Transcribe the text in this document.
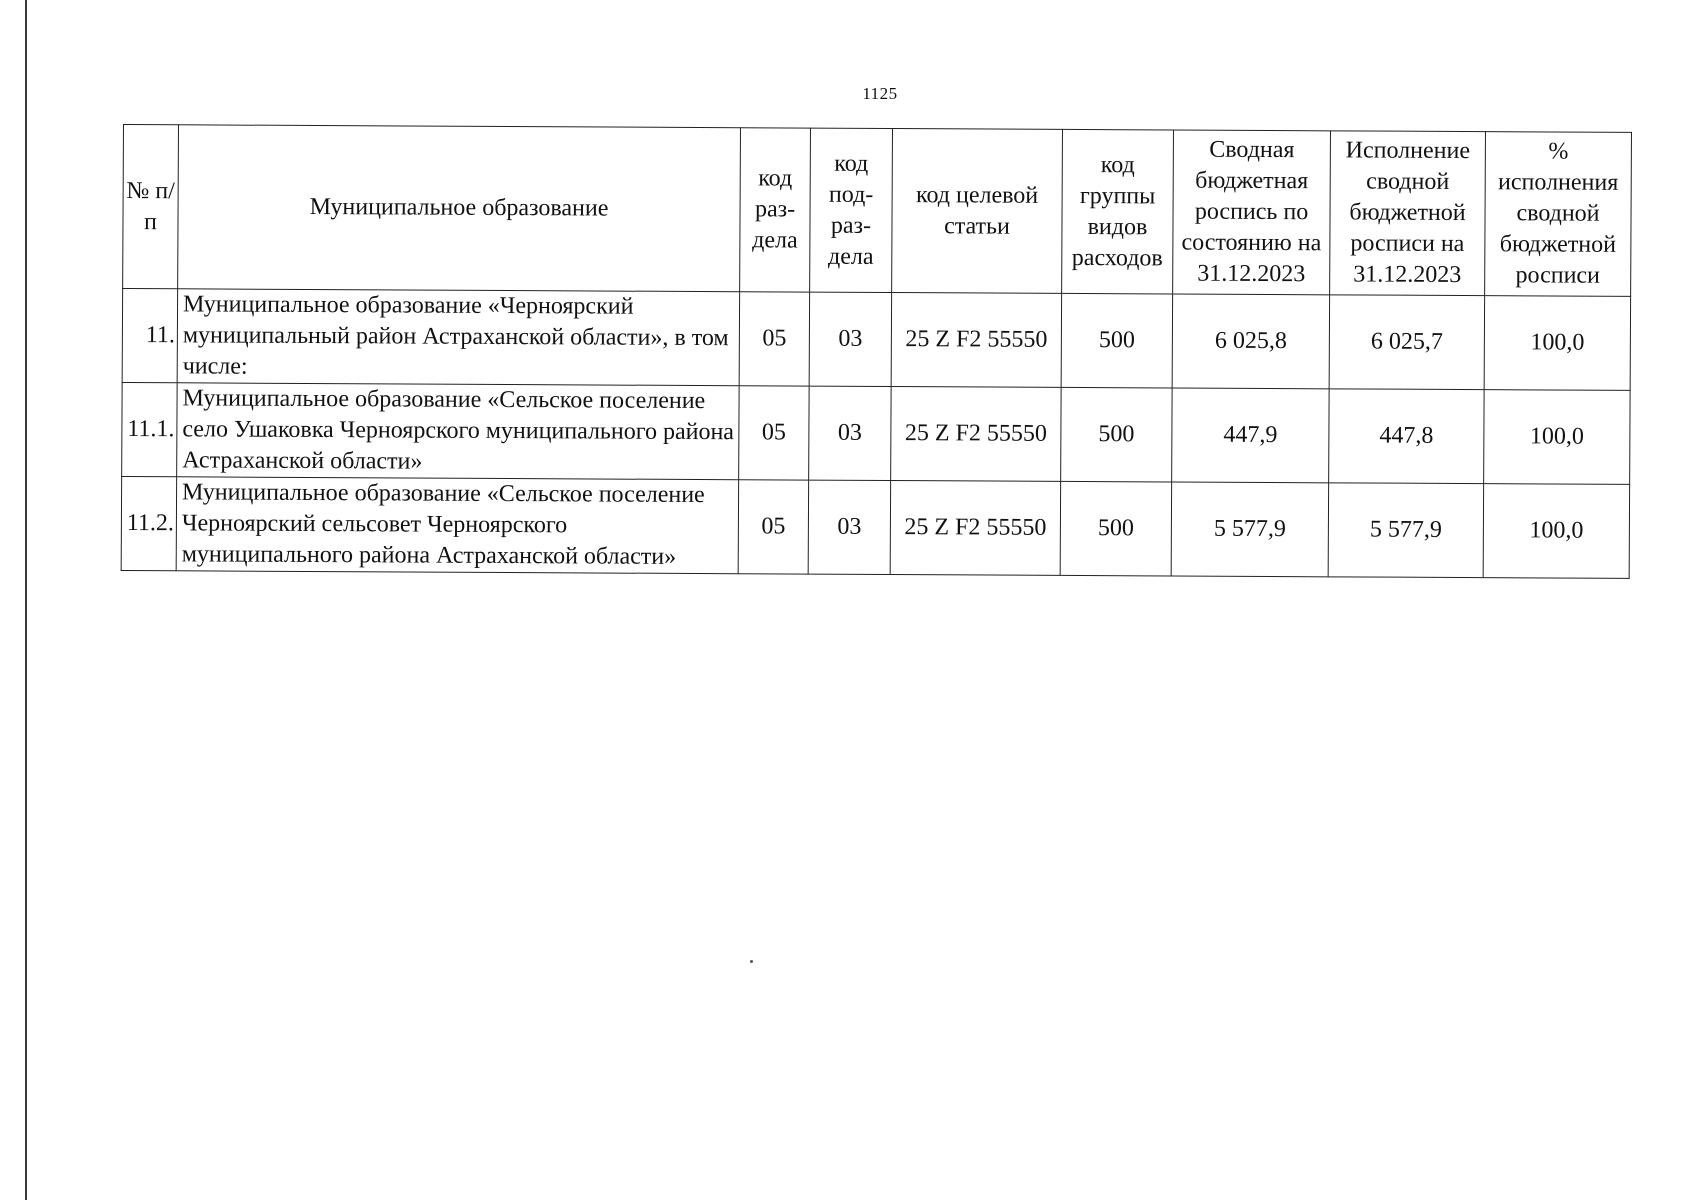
1125
№ п/п	Муниципальное образование	код раз-дела	код под-раз-дела	код целевой статьи	код группы видов расходов	Сводная бюджетная роспись по состоянию на 31.12.2023	Исполнение сводной бюджетной росписи на 31.12.2023	% исполнения сводной бюджетной росписи
11.	Муниципальное образование «Черноярский муниципальный район Астраханской области», в том числе:	05	03	25 Z F2 55550	500	6 025,8	6 025,7	100,0
11.1.	Муниципальное образование «Сельское поселение село Ушаковка Черноярского муниципального района Астраханской области»	05	03	25 Z F2 55550	500	447,9	447,8	100,0
11.2.	Муниципальное образование «Сельское поселение Черноярский сельсовет Черноярского муниципального района Астраханской области»	05	03	25 Z F2 55550	500	5 577,9	5 577,9	100,0
